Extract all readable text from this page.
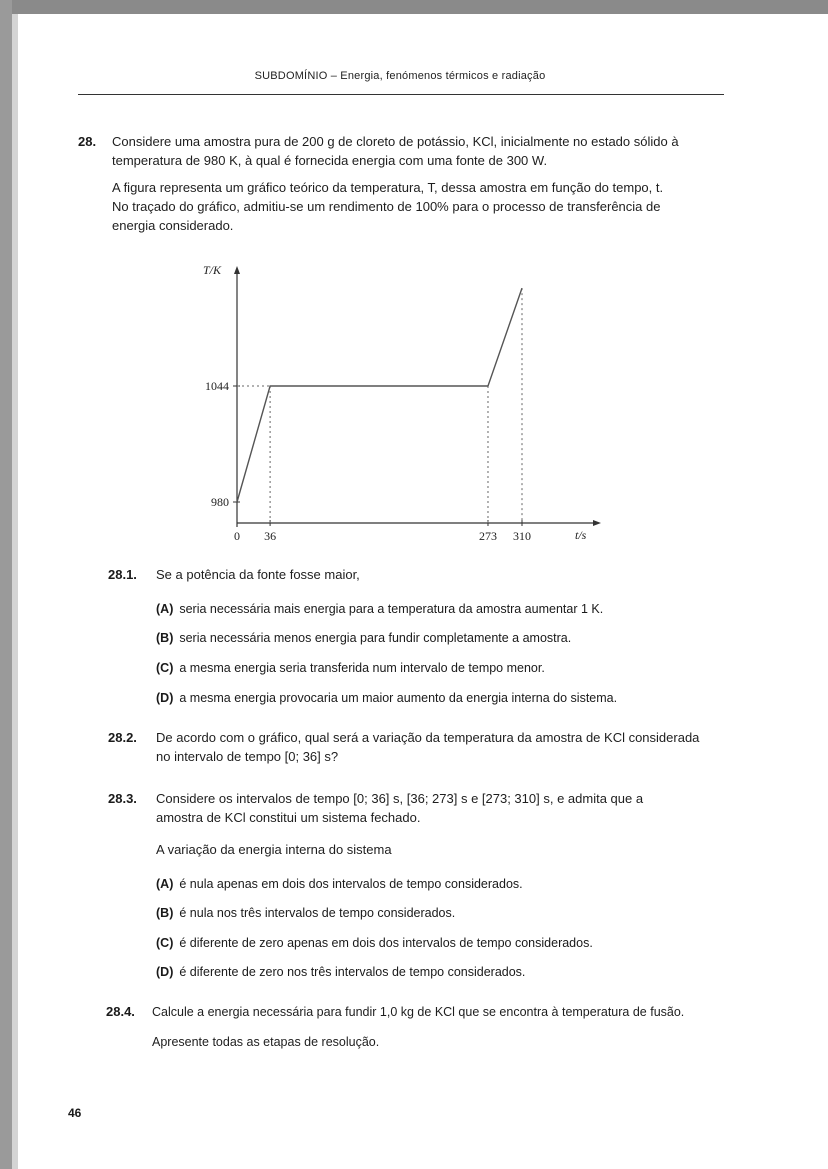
SUBDOMÍNIO – Energia, fenómenos térmicos e radiação
28. Considere uma amostra pura de 200 g de cloreto de potássio, KCl, inicialmente no estado sólido à
temperatura de 980 K, à qual é fornecida energia com uma fonte de 300 W.
A figura representa um gráfico teórico da temperatura, T, dessa amostra em função do tempo, t.
No traçado do gráfico, admitiu-se um rendimento de 100% para o processo de transferência de
energia considerado.
T/K
t/s
1044
980
0 36	273 310
28.1. Se a potência da fonte fosse maior,
(A) seria necessária mais energia para a temperatura da amostra aumentar 1 K.
(B) seria necessária menos energia para fundir completamente a amostra.
(C) a mesma energia seria transferida num intervalo de tempo menor.
(D) a mesma energia provocaria um maior aumento da energia interna do sistema.
28.2. De acordo com o gráfico, qual será a variação da temperatura da amostra de KCl considerada
no intervalo de tempo [0; 36] s?
28.3. Considere os intervalos de tempo [0; 36] s, [36; 273] s e [273; 310] s, e admita que a
amostra de KCl constitui um sistema fechado.
A variação da energia interna do sistema
(A) é nula apenas em dois dos intervalos de tempo considerados.
(B) é nula nos três intervalos de tempo considerados.
(C) é diferente de zero apenas em dois dos intervalos de tempo considerados.
(D) é diferente de zero nos três intervalos de tempo considerados.
28.4. Calcule a energia necessária para fundir 1,0 kg de KCl que se encontra à temperatura de fusão.
Apresente todas as etapas de resolução.
46
